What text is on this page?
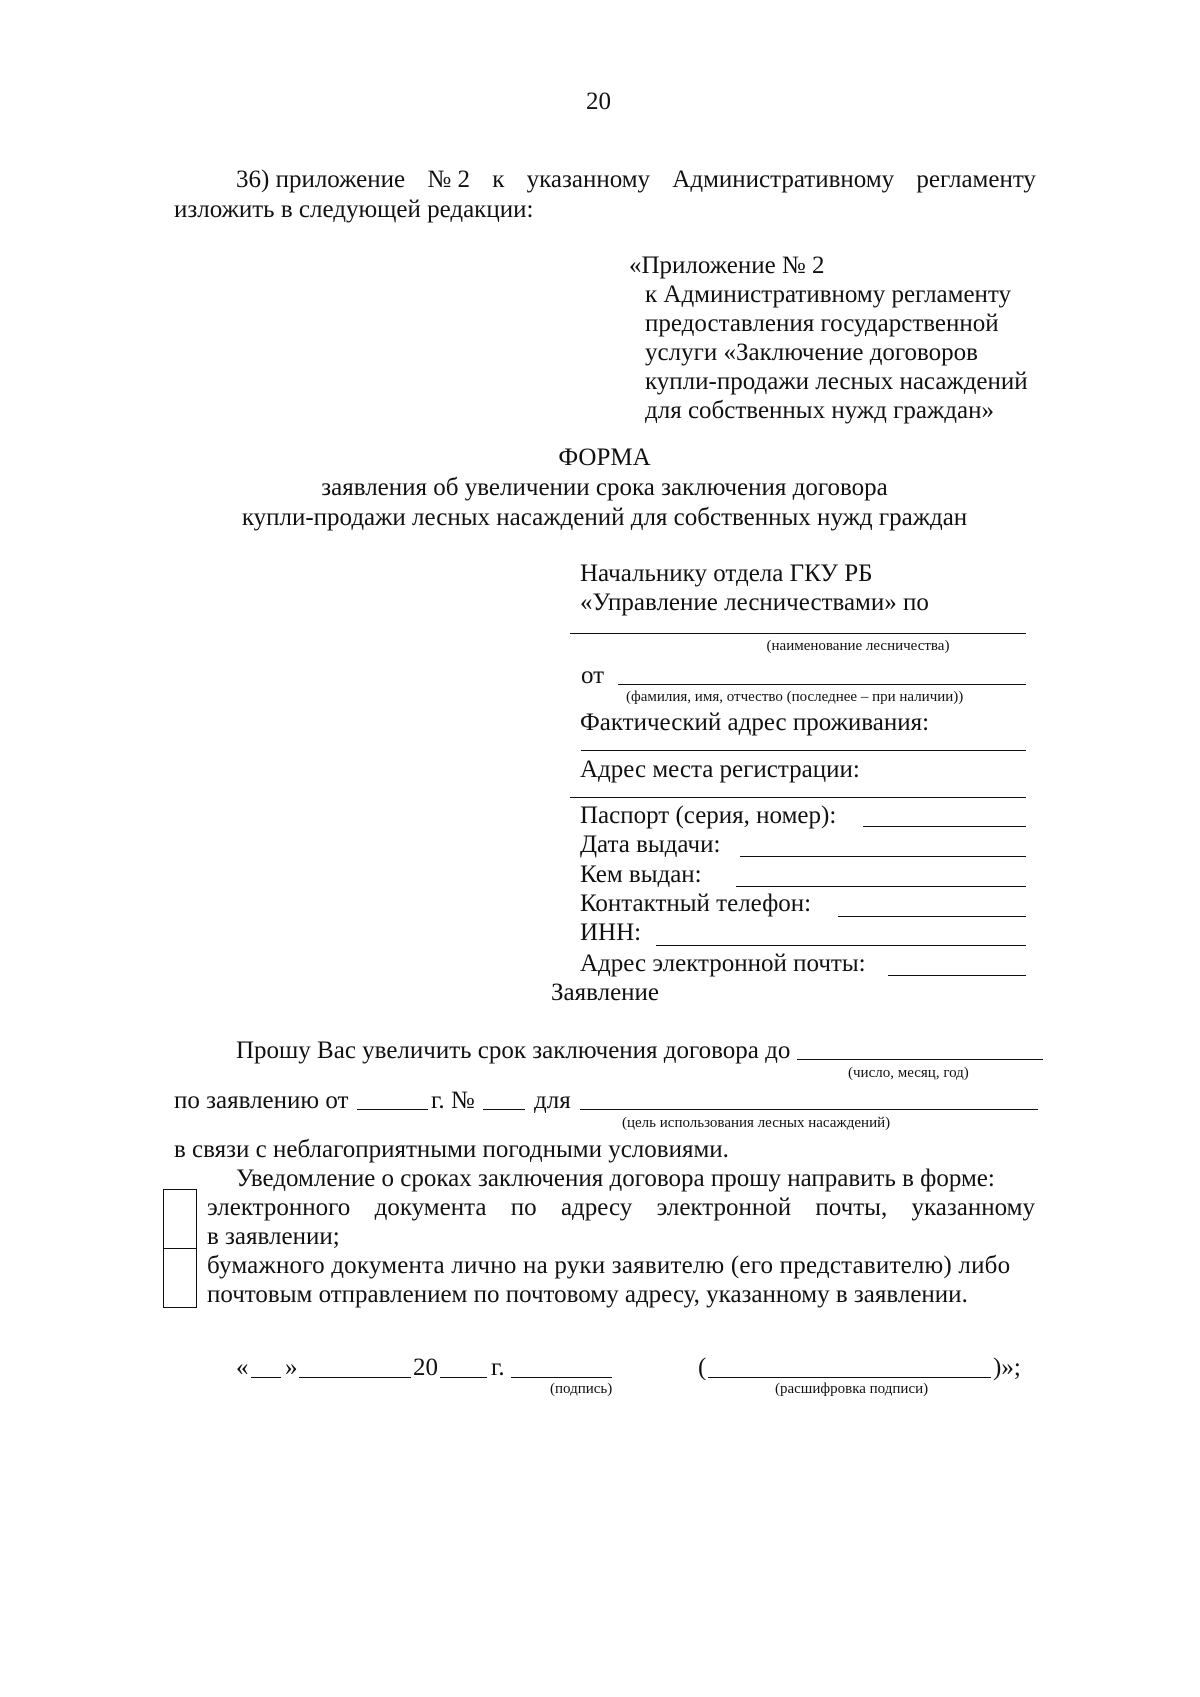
20
36) приложение № 2 к указанному Административному регламенту
изложить в следующей редакции:
«Приложение № 2
к Административному регламенту
предоставления государственной
услуги «Заключение договоров
купли-продажи лесных насаждений
для собственных нужд граждан»
ФОРМА
заявления об увеличении срока заключения договора
купли-продажи лесных насаждений для собственных нужд граждан
Начальнику отдела ГКУ РБ
«Управление лесничествами» по
(наименование лесничества)
от
(фамилия, имя, отчество (последнее – при наличии))
Фактический адрес проживания:
Адрес места регистрации:
Паспорт (серия, номер):
Дата выдачи:
Кем выдан:
Контактный телефон:
ИНН:
Адрес электронной почты:
Заявление
Прошу Вас увеличить срок заключения договора до
(число, месяц, год)
по заявлению от	г. № для
(цель использования лесных насаждений)
в связи с неблагоприятными погодными условиями.
Уведомление о сроках заключения договора прошу направить в форме:
электронного документа по адресу электронной почты, указанному
в заявлении;
бумажного документа лично на руки заявителю (его представителю) либо
почтовым отправлением по почтовому адресу, указанному в заявлении.
« »	20 г.
(подпись)
(	)»;
(расшифровка подписи)
